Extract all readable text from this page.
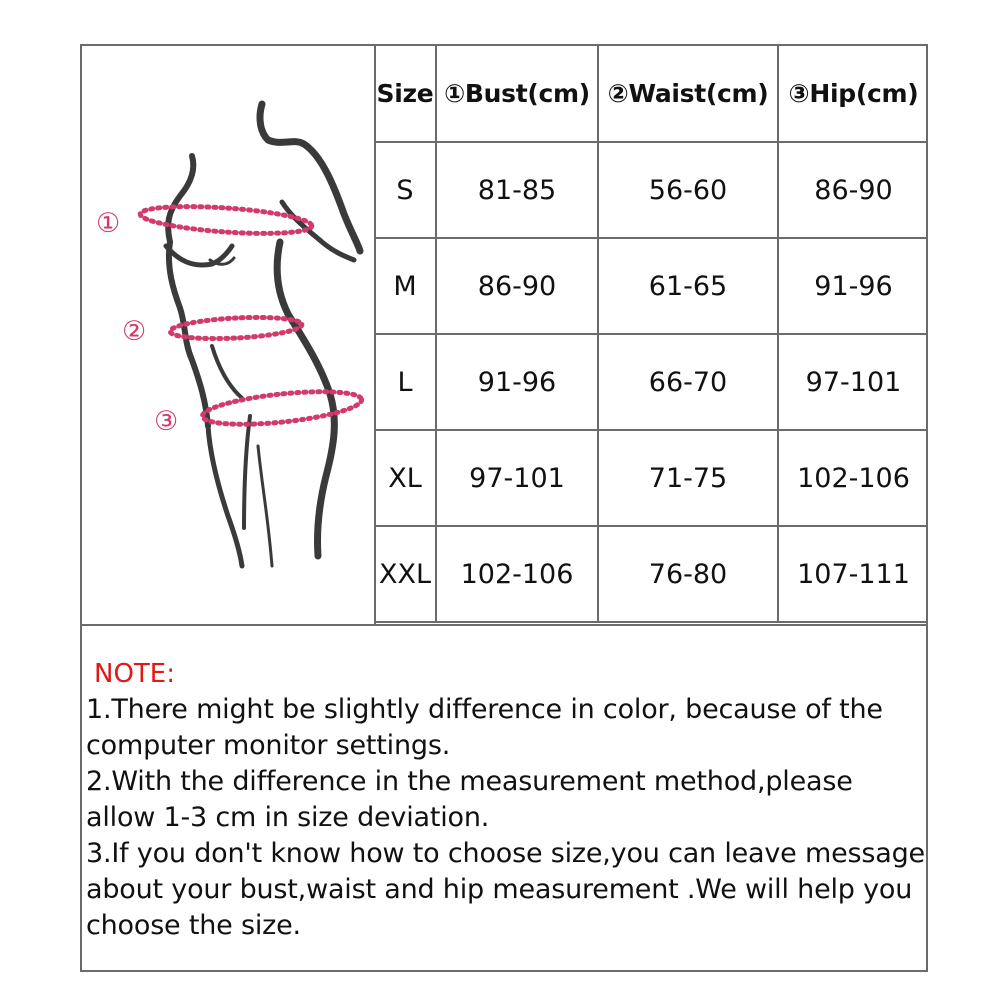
①
②
③
Size	①Bust(cm)	②Waist(cm)	③Hip(cm)
S	81-85	56-60	86-90
M	86-90	61-65	91-96
L	91-96	66-70	97-101
XL	97-101	71-75	102-106
XXL	102-106	76-80	107-111
NOTE:
1.There might be slightly difference in color, because of the
computer monitor settings.
2.With the difference in the measurement method,please
allow 1-3 cm in size deviation.
3.If you don't know how to choose size,you can leave message
about your bust,waist and hip measurement .We will help you
choose the size.
